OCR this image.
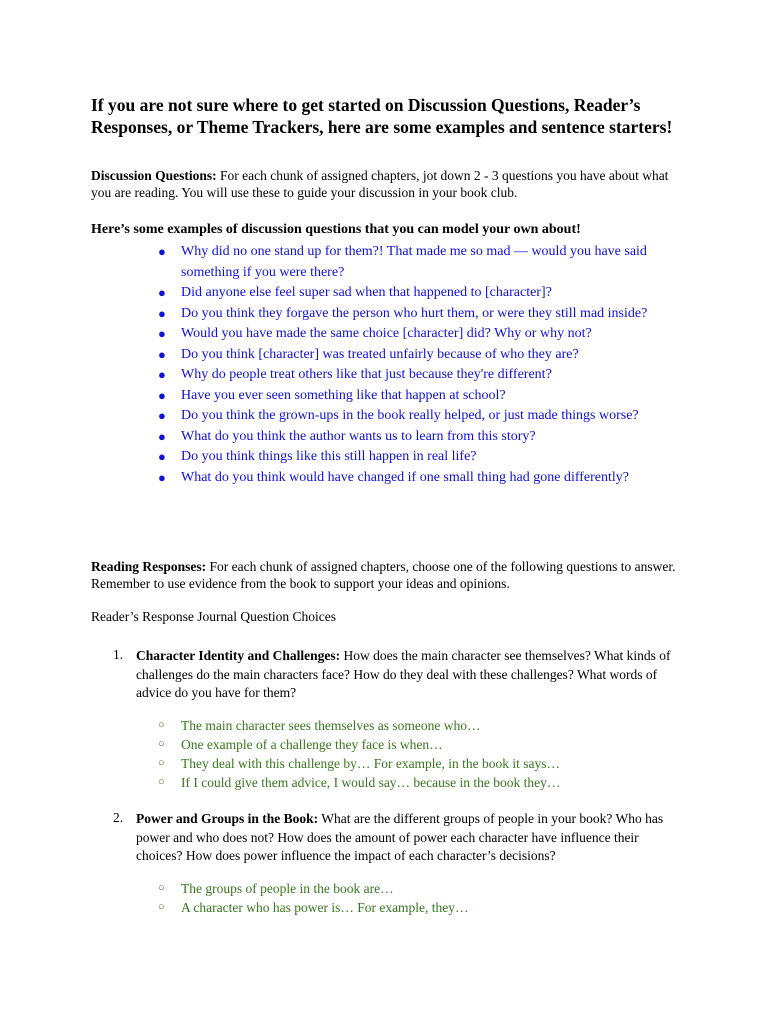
If you are not sure where to get started on Discussion Questions, Reader’s Responses, or Theme Trackers, here are some examples and sentence starters!

Discussion Questions: For each chunk of assigned chapters, jot down 2 - 3 questions you have about what you are reading. You will use these to guide your discussion in your book club.

Here’s some examples of discussion questions that you can model your own about!

● Why did no one stand up for them?! That made me so mad — would you have said something if you were there?
● Did anyone else feel super sad when that happened to [character]?
● Do you think they forgave the person who hurt them, or were they still mad inside?
● Would you have made the same choice [character] did? Why or why not?
● Do you think [character] was treated unfairly because of who they are?
● Why do people treat others like that just because they're different?
● Have you ever seen something like that happen at school?
● Do you think the grown-ups in the book really helped, or just made things worse?
● What do you think the author wants us to learn from this story?
● Do you think things like this still happen in real life?
● What do you think would have changed if one small thing had gone differently?

Reading Responses: For each chunk of assigned chapters, choose one of the following questions to answer. Remember to use evidence from the book to support your ideas and opinions.

Reader’s Response Journal Question Choices

1. Character Identity and Challenges: How does the main character see themselves? What kinds of challenges do the main characters face? How do they deal with these challenges? What words of advice do you have for them?
○ The main character sees themselves as someone who…
○ One example of a challenge they face is when…
○ They deal with this challenge by… For example, in the book it says…
○ If I could give them advice, I would say… because in the book they…
2. Power and Groups in the Book: What are the different groups of people in your book? Who has power and who does not? How does the amount of power each character have influence their choices? How does power influence the impact of each character’s decisions?
○ The groups of people in the book are…
○ A character who has power is… For example, they…
